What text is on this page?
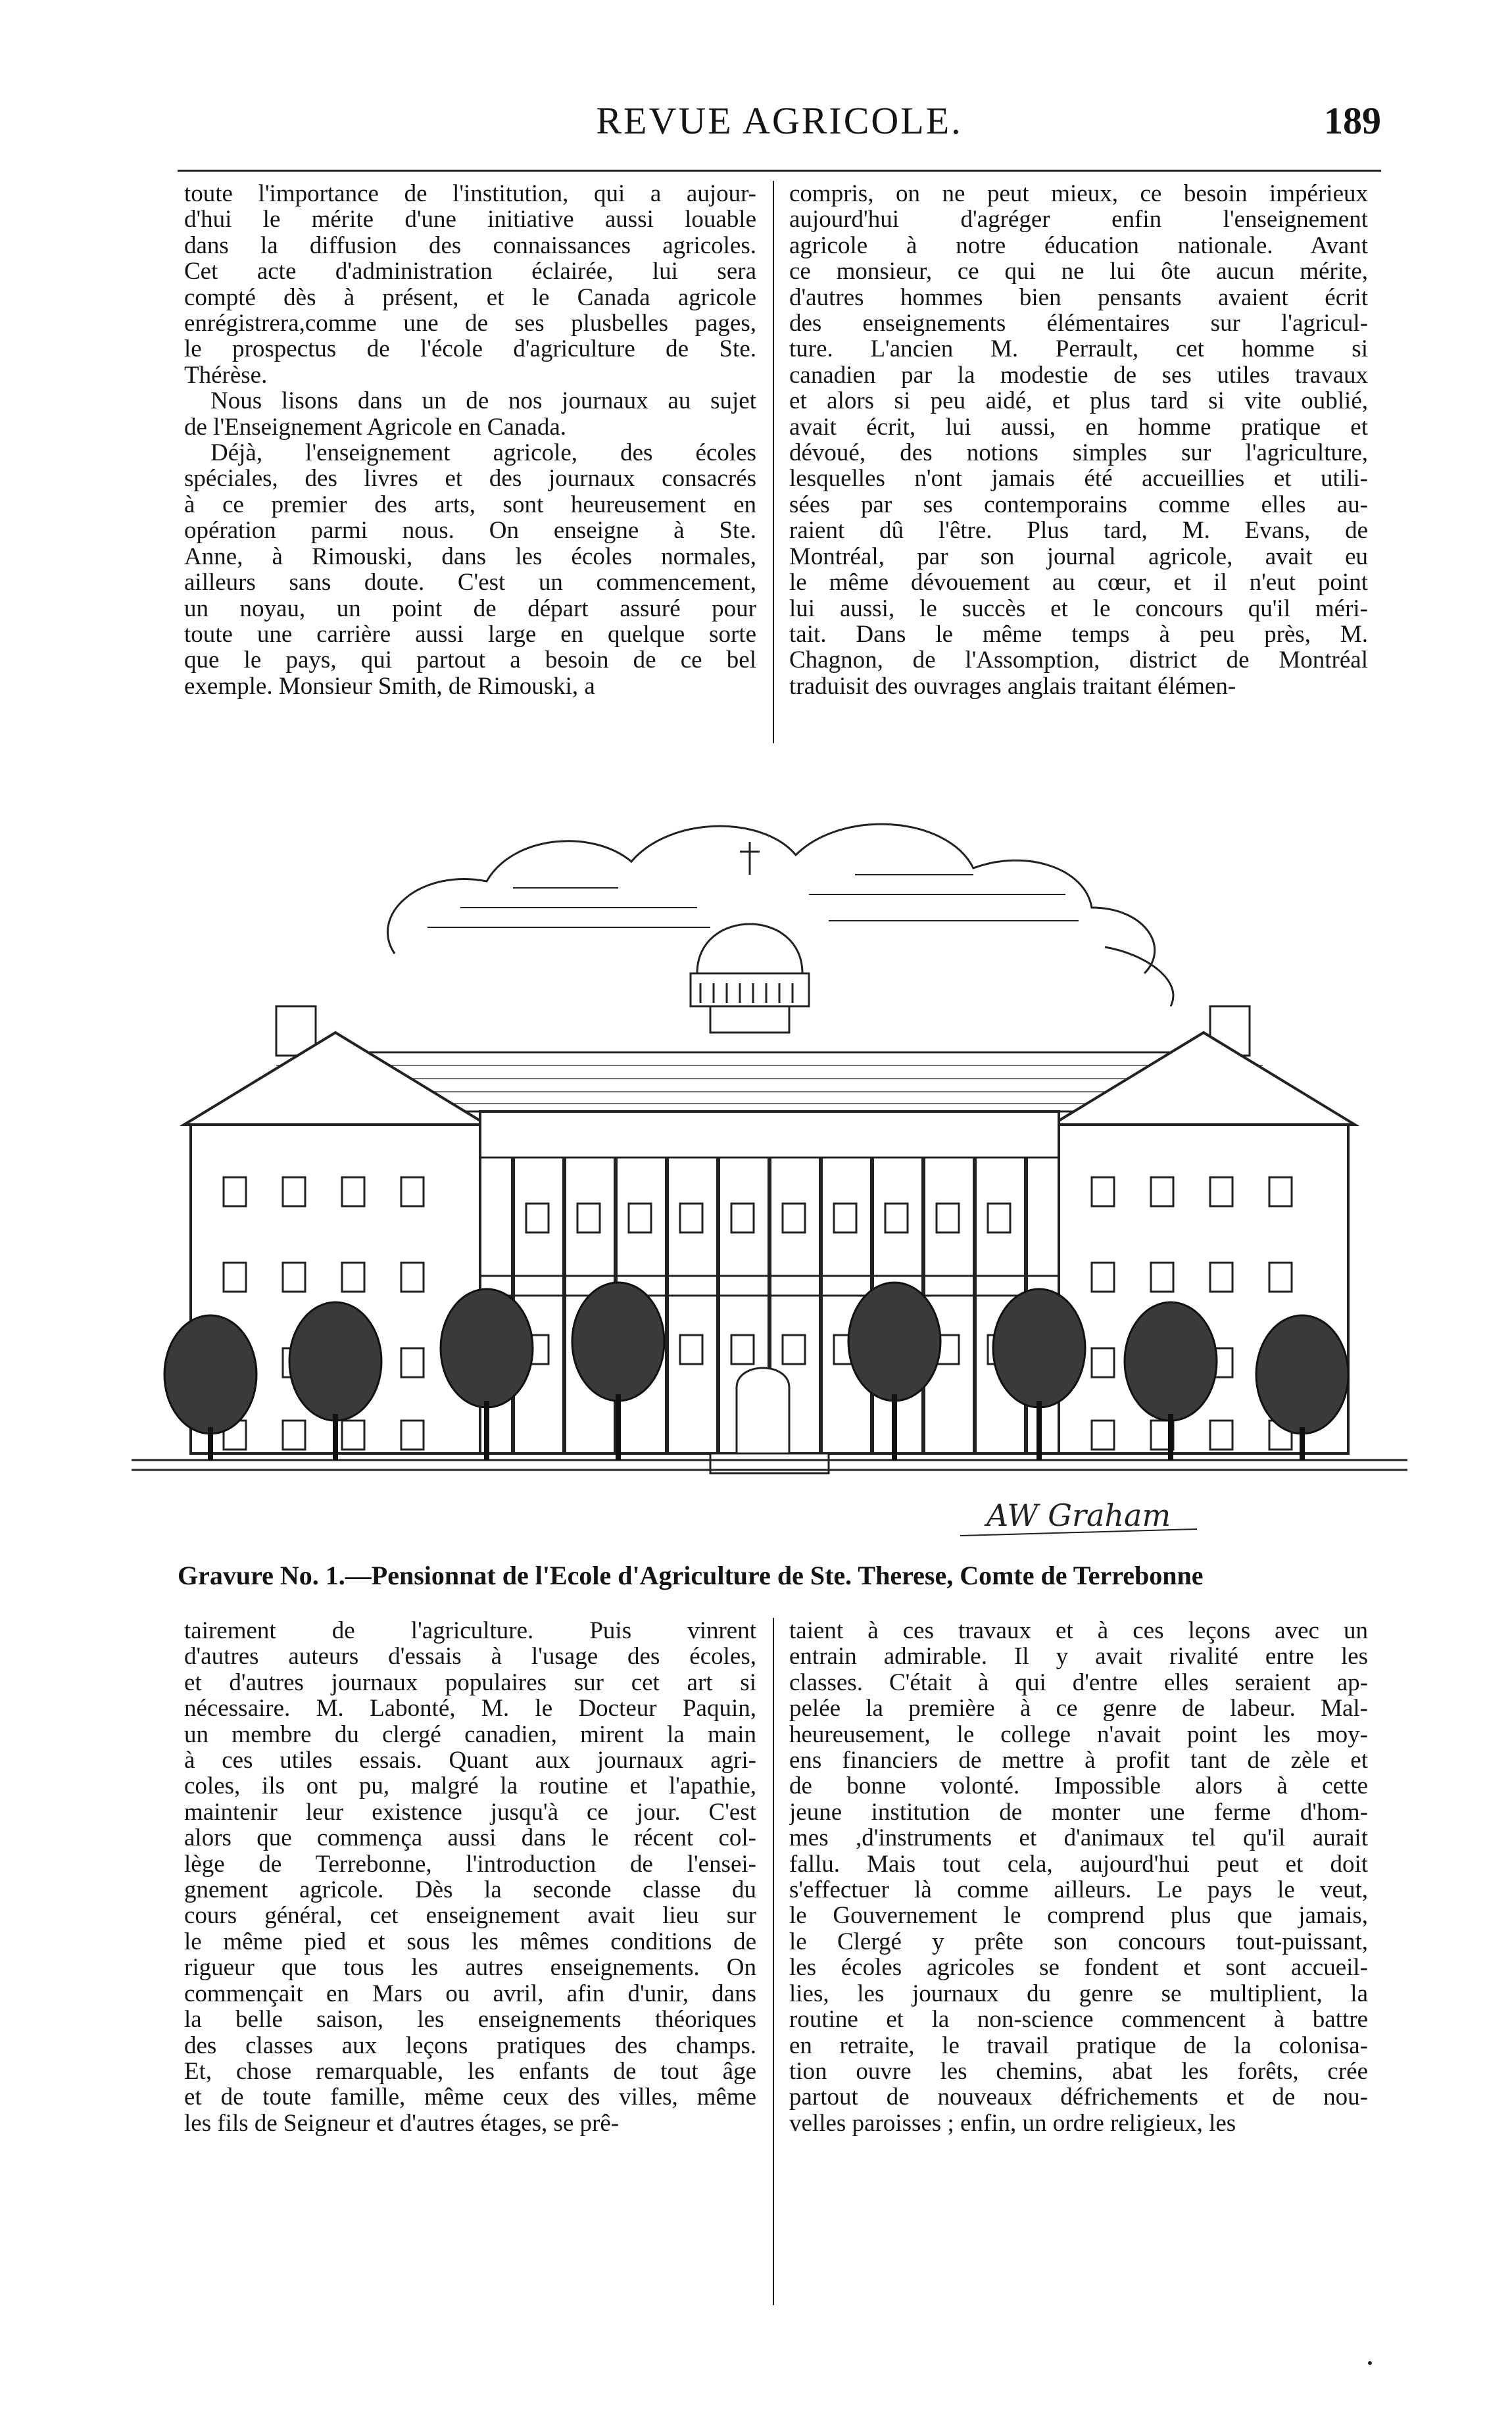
REVUE AGRICOLE.	189
toute l'importance de l'institution, qui a aujour-
d'hui le mérite d'une initiative aussi louable
dans la diffusion des connaissances agricoles.
Cet acte d'administration éclairée, lui sera
compté dès à présent, et le Canada agricole
enrégistrera,comme une de ses plusbelles pages,
le prospectus de l'école d'agriculture de Ste.
Thérèse.
Nous lisons dans un de nos journaux au sujet
de l'Enseignement Agricole en Canada.
Déjà, l'enseignement agricole, des écoles
spéciales, des livres et des journaux consacrés
à ce premier des arts, sont heureusement en
opération parmi nous. On enseigne à Ste.
Anne, à Rimouski, dans les écoles normales,
ailleurs sans doute. C'est un commencement,
un noyau, un point de départ assuré pour
toute une carrière aussi large en quelque sorte
que le pays, qui partout a besoin de ce bel
exemple. Monsieur Smith, de Rimouski, a
compris, on ne peut mieux, ce besoin impérieux
aujourd'hui d'agréger enfin l'enseignement
agricole à notre éducation nationale. Avant
ce monsieur, ce qui ne lui ôte aucun mérite,
d'autres hommes bien pensants avaient écrit
des enseignements élémentaires sur l'agricul-
ture. L'ancien M. Perrault, cet homme si
canadien par la modestie de ses utiles travaux
et alors si peu aidé, et plus tard si vite oublié,
avait écrit, lui aussi, en homme pratique et
dévoué, des notions simples sur l'agriculture,
lesquelles n'ont jamais été accueillies et utili-
sées par ses contemporains comme elles au-
raient dû l'être. Plus tard, M. Evans, de
Montréal, par son journal agricole, avait eu
le même dévouement au cœur, et il n'eut point
lui aussi, le succès et le concours qu'il méri-
tait. Dans le même temps à peu près, M.
Chagnon, de l'Assomption, district de Montréal
traduisit des ouvrages anglais traitant élémen-
AW Graham
Gravure No. 1.—Pensionnat de l'Ecole d'Agriculture de Ste. Therese, Comte de Terrebonne
tairement de l'agriculture. Puis vinrent
d'autres auteurs d'essais à l'usage des écoles,
et d'autres journaux populaires sur cet art si
nécessaire. M. Labonté, M. le Docteur Paquin,
un membre du clergé canadien, mirent la main
à ces utiles essais. Quant aux journaux agri-
coles, ils ont pu, malgré la routine et l'apathie,
maintenir leur existence jusqu'à ce jour. C'est
alors que commença aussi dans le récent col-
lège de Terrebonne, l'introduction de l'ensei-
gnement agricole. Dès la seconde classe du
cours général, cet enseignement avait lieu sur
le même pied et sous les mêmes conditions de
rigueur que tous les autres enseignements. On
commençait en Mars ou avril, afin d'unir, dans
la belle saison, les enseignements théoriques
des classes aux leçons pratiques des champs.
Et, chose remarquable, les enfants de tout âge
et de toute famille, même ceux des villes, même
les fils de Seigneur et d'autres étages, se prê-
taient à ces travaux et à ces leçons avec un
entrain admirable. Il y avait rivalité entre les
classes. C'était à qui d'entre elles seraient ap-
pelée la première à ce genre de labeur. Mal-
heureusement, le college n'avait point les moy-
ens financiers de mettre à profit tant de zèle et
de bonne volonté. Impossible alors à cette
jeune institution de monter une ferme d'hom-
mes ,d'instruments et d'animaux tel qu'il aurait
fallu. Mais tout cela, aujourd'hui peut et doit
s'effectuer là comme ailleurs. Le pays le veut,
le Gouvernement le comprend plus que jamais,
le Clergé y prête son concours tout-puissant,
les écoles agricoles se fondent et sont accueil-
lies, les journaux du genre se multiplient, la
routine et la non-science commencent à battre
en retraite, le travail pratique de la colonisa-
tion ouvre les chemins, abat les forêts, crée
partout de nouveaux défrichements et de nou-
velles paroisses ; enfin, un ordre religieux, les
